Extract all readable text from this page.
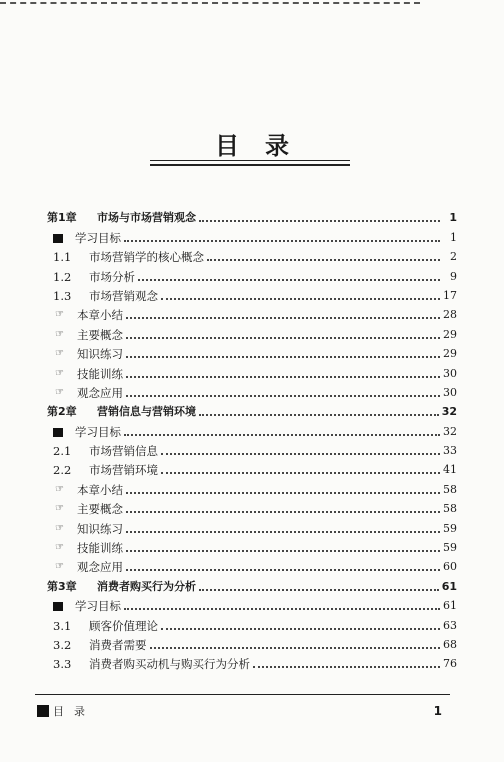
目录
第1章	市场与市场营销观念	1
学习目标	1
1.1	市场营销学的核心概念	2
1.2	市场分析	9
1.3	市场营销观念	17
☞	本章小结	28
☞	主要概念	29
☞	知识练习	29
☞	技能训练	30
☞	观念应用	30
第2章	营销信息与营销环境	32
学习目标	32
2.1	市场营销信息	33
2.2	市场营销环境	41
☞	本章小结	58
☞	主要概念	58
☞	知识练习	59
☞	技能训练	59
☞	观念应用	60
第3章	消费者购买行为分析	61
学习目标	61
3.1	顾客价值理论	63
3.2	消费者需要	68
3.3	消费者购买动机与购买行为分析	76
目录	1
